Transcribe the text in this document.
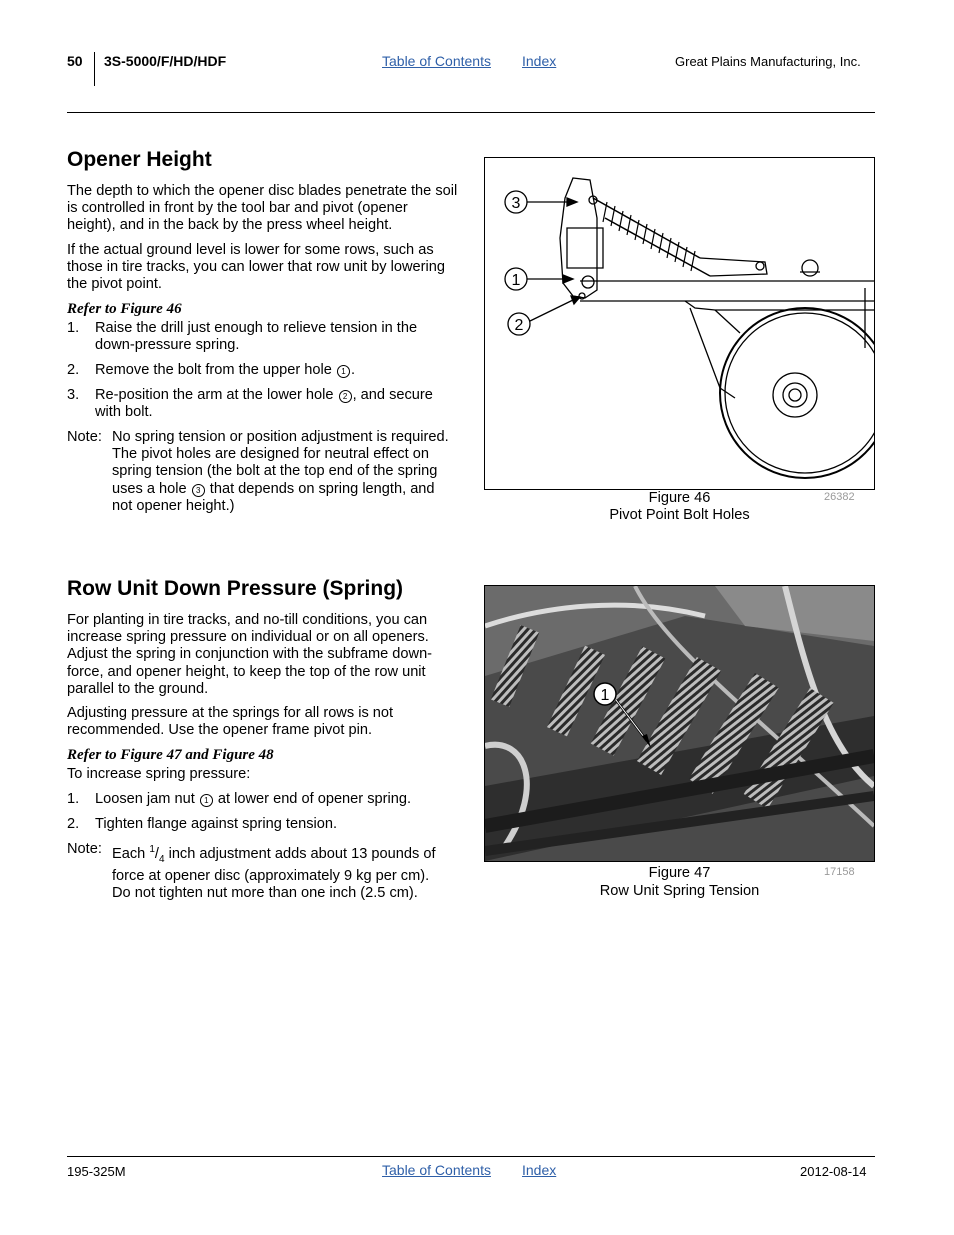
50 3S-5000/F/HD/HDF	Table of Contents Index	Great Plains Manufacturing, Inc.
Opener Height

The depth to which the opener disc blades penetrate the soil is controlled in front by the tool bar and pivot (opener height), and in the back by the press wheel height.

If the actual ground level is lower for some rows, such as those in tire tracks, you can lower that row unit by lowering the pivot point.

Refer to Figure 46
1. Raise the drill just enough to relieve tension in the down-pressure spring.
2. Remove the bolt from the upper hole 1 .
3. Re-position the arm at the lower hole 2 , and secure with bolt.
Note: No spring tension or position adjustment is required. The pivot holes are designed for neutral effect on spring tension (the bolt at the top end of the spring uses a hole 3 that depends on spring length, and not opener height.)
3
1
2
Figure 46
Pivot Point Bolt Holes
26382
Row Unit Down Pressure (Spring)

For planting in tire tracks, and no-till conditions, you can increase spring pressure on individual or on all openers. Adjust the spring in conjunction with the subframe down-force, and opener height, to keep the top of the row unit parallel to the ground.

Adjusting pressure at the springs for all rows is not recommended. Use the opener frame pivot pin.

Refer to Figure 47 and Figure 48
To increase spring pressure:
1. Loosen jam nut 1 at lower end of opener spring.
2. Tighten flange against spring tension.
Note: Each $^1/_4$ inch adjustment adds about 13 pounds of
force at opener disc (approximately 9 kg per cm).
Do not tighten nut more than one inch (2.5 cm).
1
Figure 47
Row Unit Spring Tension
17158
195-325M	Table of Contents Index	2012-08-14
